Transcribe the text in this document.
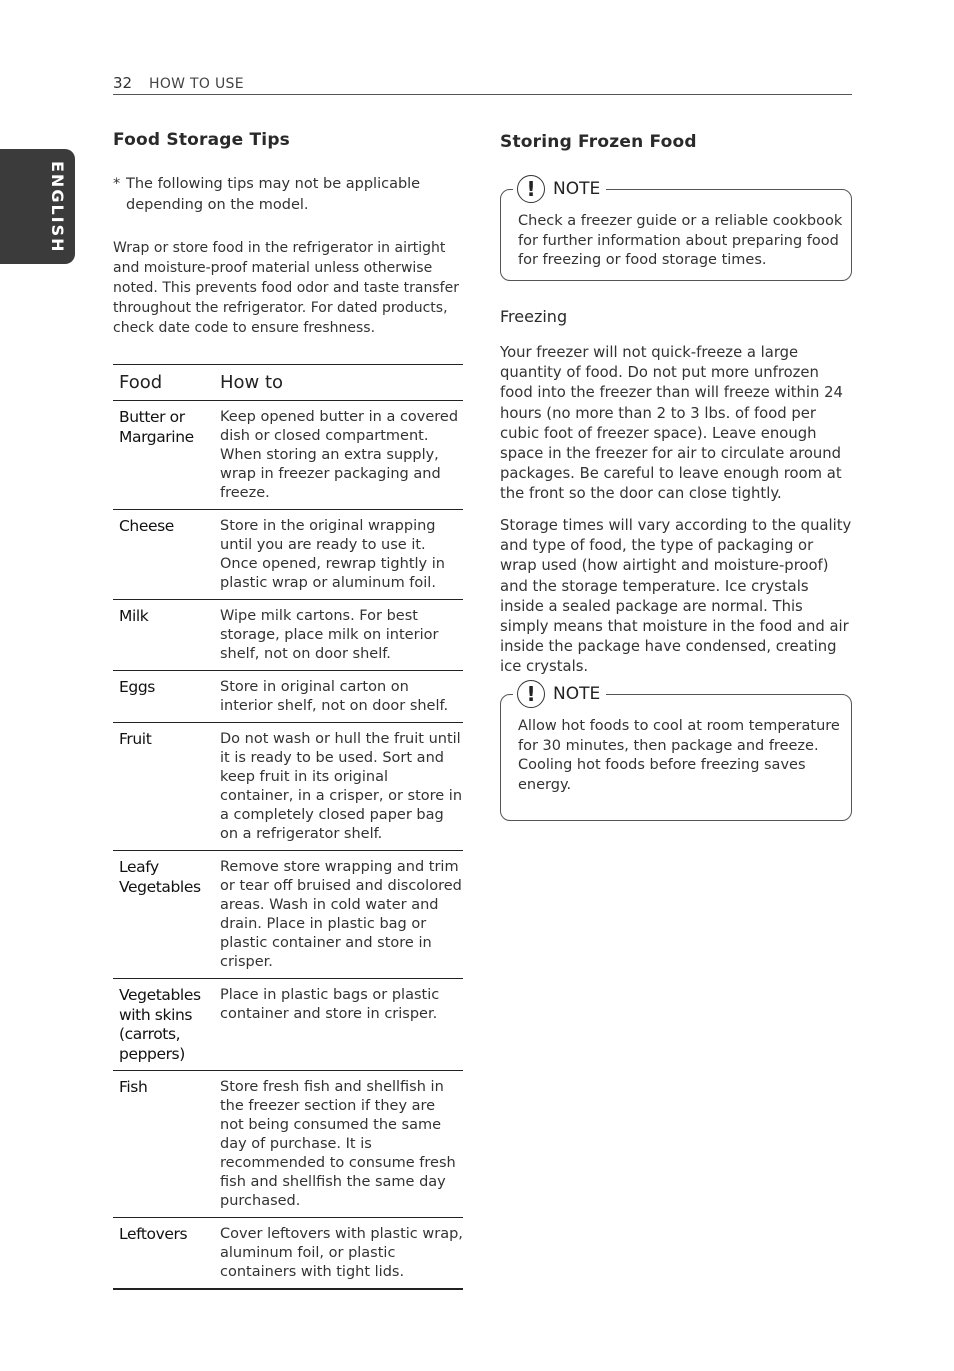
32 HOW TO USE
ENGLISH
Food Storage Tips
* The following tips may not be applicable depending on the model.

Wrap or store food in the refrigerator in airtight and moisture-proof material unless otherwise noted. This prevents food odor and taste transfer throughout the refrigerator. For dated products, check date code to ensure freshness.

Food	How to
Butter or Margarine	Keep opened butter in a covered dish or closed compartment. When storing an extra supply, wrap in freezer packaging and freeze.
Cheese	Store in the original wrapping until you are ready to use it. Once opened, rewrap tightly in plastic wrap or aluminum foil.
Milk	Wipe milk cartons. For best storage, place milk on interior shelf, not on door shelf.
Eggs	Store in original carton on interior shelf, not on door shelf.
Fruit	Do not wash or hull the fruit until it is ready to be used. Sort and keep fruit in its original container, in a crisper, or store in a completely closed paper bag on a refrigerator shelf.
Leafy Vegetables	Remove store wrapping and trim or tear off bruised and discolored areas. Wash in cold water and drain. Place in plastic bag or plastic container and store in crisper.
Vegetables with skins (carrots, peppers)	Place in plastic bags or plastic container and store in crisper.
Fish	Store fresh fish and shellfish in the freezer section if they are not being consumed the same day of purchase. It is recommended to consume fresh fish and shellfish the same day purchased.
Leftovers	Cover leftovers with plastic wrap, aluminum foil, or plastic containers with tight lids.
Storing Frozen Food
!	NOTE
Check a freezer guide or a reliable cookbook for further information about preparing food for freezing or food storage times.
Freezing

Your freezer will not quick-freeze a large quantity of food. Do not put more unfrozen food into the freezer than will freeze within 24 hours (no more than 2 to 3 lbs. of food per cubic foot of freezer space). Leave enough space in the freezer for air to circulate around packages. Be careful to leave enough room at the front so the door can close tightly.

Storage times will vary according to the quality and type of food, the type of packaging or wrap used (how airtight and moisture-proof) and the storage temperature. Ice crystals inside a sealed package are normal. This simply means that moisture in the food and air inside the package have condensed, creating ice crystals.

!	NOTE
Allow hot foods to cool at room temperature for 30 minutes, then package and freeze. Cooling hot foods before freezing saves energy.
